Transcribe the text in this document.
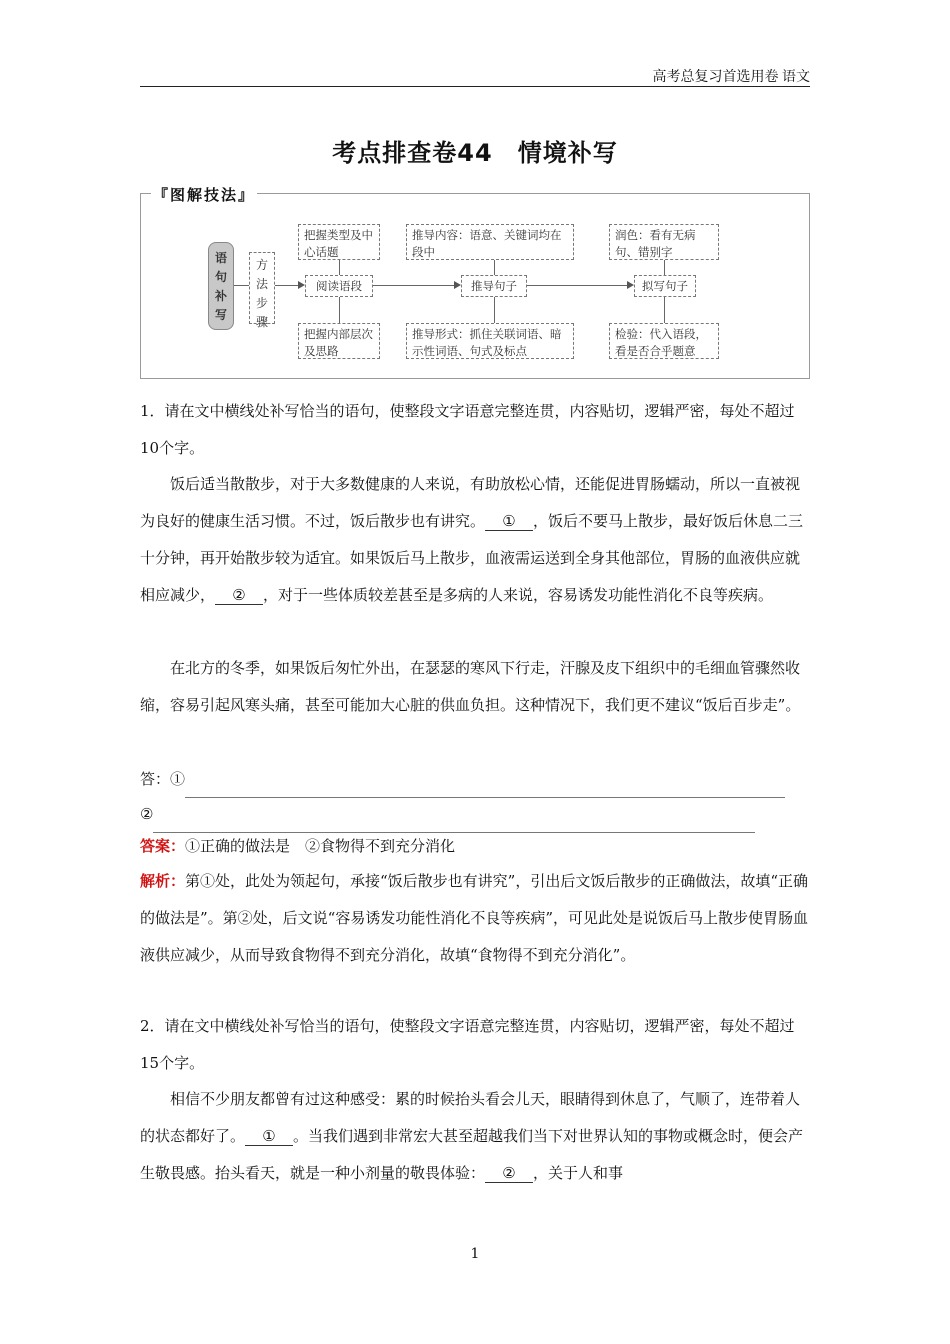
高考总复习首选用卷 语文
考点排查卷44　情境补写
『图解技法』
语
句
补
写
方
法
步
骤
把握类型及中心话题
阅读语段
把握内部层次及思路
推导内容：语意、关键词均在段中
推导句子
推导形式：抓住关联词语、暗示性词语、句式及标点
润色：看有无病句、错别字
拟写句子
检验：代入语段，看是否合乎题意
1．请在文中横线处补写恰当的语句，使整段文字语意完整连贯，内容贴切，逻辑严密，每处不超过10个字。
饭后适当散散步，对于大多数健康的人来说，有助放松心情，还能促进胃肠蠕动，所以一直被视为良好的健康生活习惯。不过，饭后散步也有讲究。 ① ，饭后不要马上散步，最好饭后休息二三十分钟，再开始散步较为适宜。如果饭后马上散步，血液需运送到全身其他部位，胃肠的血液供应就相应减少， ② ，对于一些体质较差甚至是多病的人来说，容易诱发功能性消化不良等疾病。
在北方的冬季，如果饭后匆忙外出，在瑟瑟的寒风下行走，汗腺及皮下组织中的毛细血管骤然收缩，容易引起风寒头痛，甚至可能加大心脏的供血负担。这种情况下，我们更不建议“饭后百步走”。
答：①
②
答案：①正确的做法是　②食物得不到充分消化
解析：第①处，此处为领起句，承接“饭后散步也有讲究”，引出后文饭后散步的正确做法，故填“正确的做法是”。第②处，后文说“容易诱发功能性消化不良等疾病”，可见此处是说饭后马上散步使胃肠血液供应减少，从而导致食物得不到充分消化，故填“食物得不到充分消化”。
2．请在文中横线处补写恰当的语句，使整段文字语意完整连贯，内容贴切，逻辑严密，每处不超过15个字。
相信不少朋友都曾有过这种感受：累的时候抬头看会儿天，眼睛得到休息了，气顺了，连带着人的状态都好了。 ① 。当我们遇到非常宏大甚至超越我们当下对世界认知的事物或概念时，便会产生敬畏感。抬头看天，就是一种小剂量的敬畏体验： ② ，关于人和事
1
